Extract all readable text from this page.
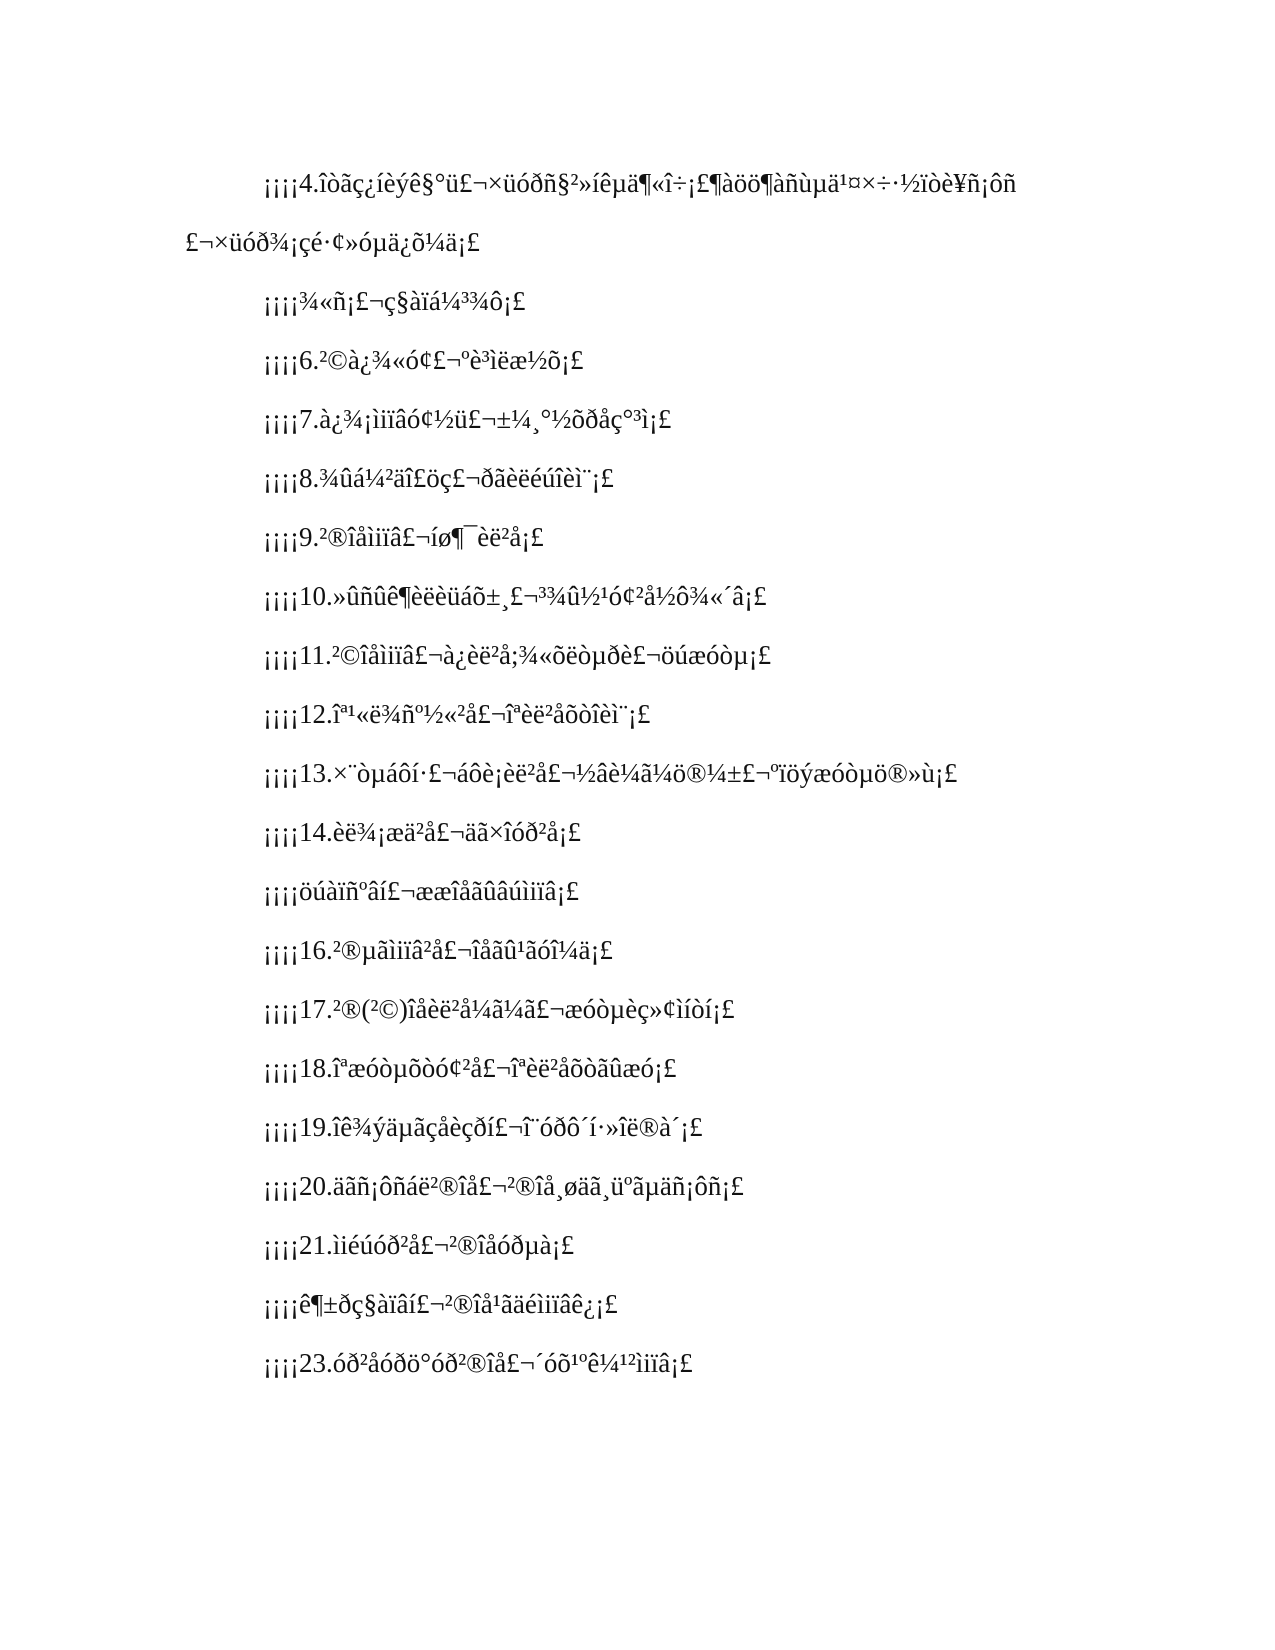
¡¡¡¡4.îòãç¿íèýê§°ü£¬×üóðñ§²»íêµä¶«î÷¡£¶àöö¶àñùµä¹¤×÷·½ïòè¥ñ¡ôñ

£¬×üóð¾¡çé·¢»óµä¿õ¼ä¡£

¡¡¡¡¾«ñ¡£¬ç§àïá¼³¾ô¡£

¡¡¡¡6.²©à¿¾«ó¢£¬ºè³ìëæ½õ¡£

¡¡¡¡7.à¿¾¡ìiïâó¢½ü£¬±¼¸°½õðåç°³ì¡£

¡¡¡¡8.¾ûá¼²äî£öç£¬ðãèëéúîèì¨¡£

¡¡¡¡9.²®îåìiïâ£¬íø¶¯èë²å¡£

¡¡¡¡10.»ûñûê¶èëèüáõ±¸£¬³¾û½¹ó¢²å½ô¾«´â¡£

¡¡¡¡11.²©îåìiïâ£¬à¿èë²å;¾«õëòµðè£¬öúæóòµ¡£

¡¡¡¡12.îª¹«ë¾ñº½«²å£¬îªèë²åõòîèì¨¡£

¡¡¡¡13.×¨òµáôí·£¬áôè¡èë²å£¬½âè¼ã¼ö®¼±£¬ºïöýæóòµö®»ù¡£

¡¡¡¡14.èë¾¡æä²å£¬äã×îóð²å¡£

¡¡¡¡öúàïñºâí£¬ææîåãûâúìiïâ¡£

¡¡¡¡16.²®µãìiïâ²å£¬îåãû¹ãóî¼ä¡£

¡¡¡¡17.²®(²©)îåèë²å¼ã¼ã£¬æóòµèç»¢ìíòí¡£

¡¡¡¡18.îªæóòµõòó¢²å£¬îªèë²åõòãûæó¡£

¡¡¡¡19.îê¾ýäµãçåèçðí£¬î¨óðô´í·»îë®à´¡£

¡¡¡¡20.äãñ¡ôñáë²®îå£¬²®îå¸øäã¸üºãµäñ¡ôñ¡£

¡¡¡¡21.ìiéúóð²å£¬²®îåóðµà¡£

¡¡¡¡ê¶±ðç§àïâí£¬²®îå¹ãäéìiïâê¿¡£

¡¡¡¡23.óð²åóðö°óð²®îå£¬´óõ¹ºê¼¹²ìiïâ¡£
